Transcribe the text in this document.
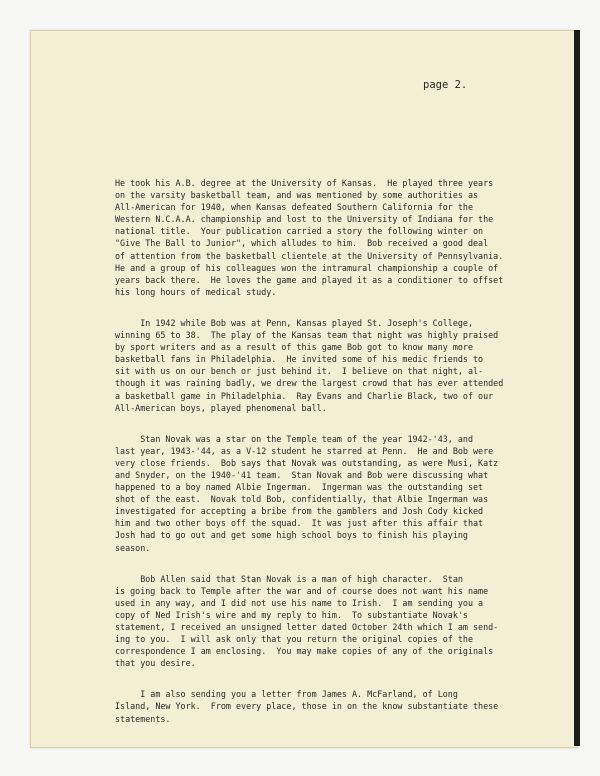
page 2.
He took his A.B. degree at the University of Kansas.  He played three years
on the varsity basketball team, and was mentioned by some authorities as
All-American for 1940, when Kansas defeated Southern California for the
Western N.C.A.A. championship and lost to the University of Indiana for the
national title.  Your publication carried a story the following winter on
"Give The Ball to Junior", which alludes to him.  Bob received a good deal
of attention from the basketball clientele at the University of Pennsylvania.
He and a group of his colleagues won the intramural championship a couple of
years back there.  He loves the game and played it as a conditioner to offset
his long hours of medical study.
In 1942 while Bob was at Penn, Kansas played St. Joseph's College,
winning 65 to 38.  The play of the Kansas team that night was highly praised
by sport writers and as a result of this game Bob got to know many more
basketball fans in Philadelphia.  He invited some of his medic friends to
sit with us on our bench or just behind it.  I believe on that night, al-
though it was raining badly, we drew the largest crowd that has ever attended
a basketball game in Philadelphia.  Ray Evans and Charlie Black, two of our
All-American boys, played phenomenal ball.
Stan Novak was a star on the Temple team of the year 1942-'43, and
last year, 1943-'44, as a V-12 student he starred at Penn.  He and Bob were
very close friends.  Bob says that Novak was outstanding, as were Musi, Katz
and Snyder, on the 1940-'41 team.  Stan Novak and Bob were discussing what
happened to a boy named Albie Ingerman.  Ingerman was the outstanding set
shot of the east.  Novak told Bob, confidentially, that Albie Ingerman was
investigated for accepting a bribe from the gamblers and Josh Cody kicked
him and two other boys off the squad.  It was just after this affair that
Josh had to go out and get some high school boys to finish his playing
season.
Bob Allen said that Stan Novak is a man of high character.  Stan
is going back to Temple after the war and of course does not want his name
used in any way, and I did not use his name to Irish.  I am sending you a
copy of Ned Irish's wire and my reply to him.  To substantiate Novak's
statement, I received an unsigned letter dated October 24th which I am send-
ing to you.  I will ask only that you return the original copies of the
correspondence I am enclosing.  You may make copies of any of the originals
that you desire.
I am also sending you a letter from James A. McFarland, of Long
Island, New York.  From every place, those in on the know substantiate these
statements.
